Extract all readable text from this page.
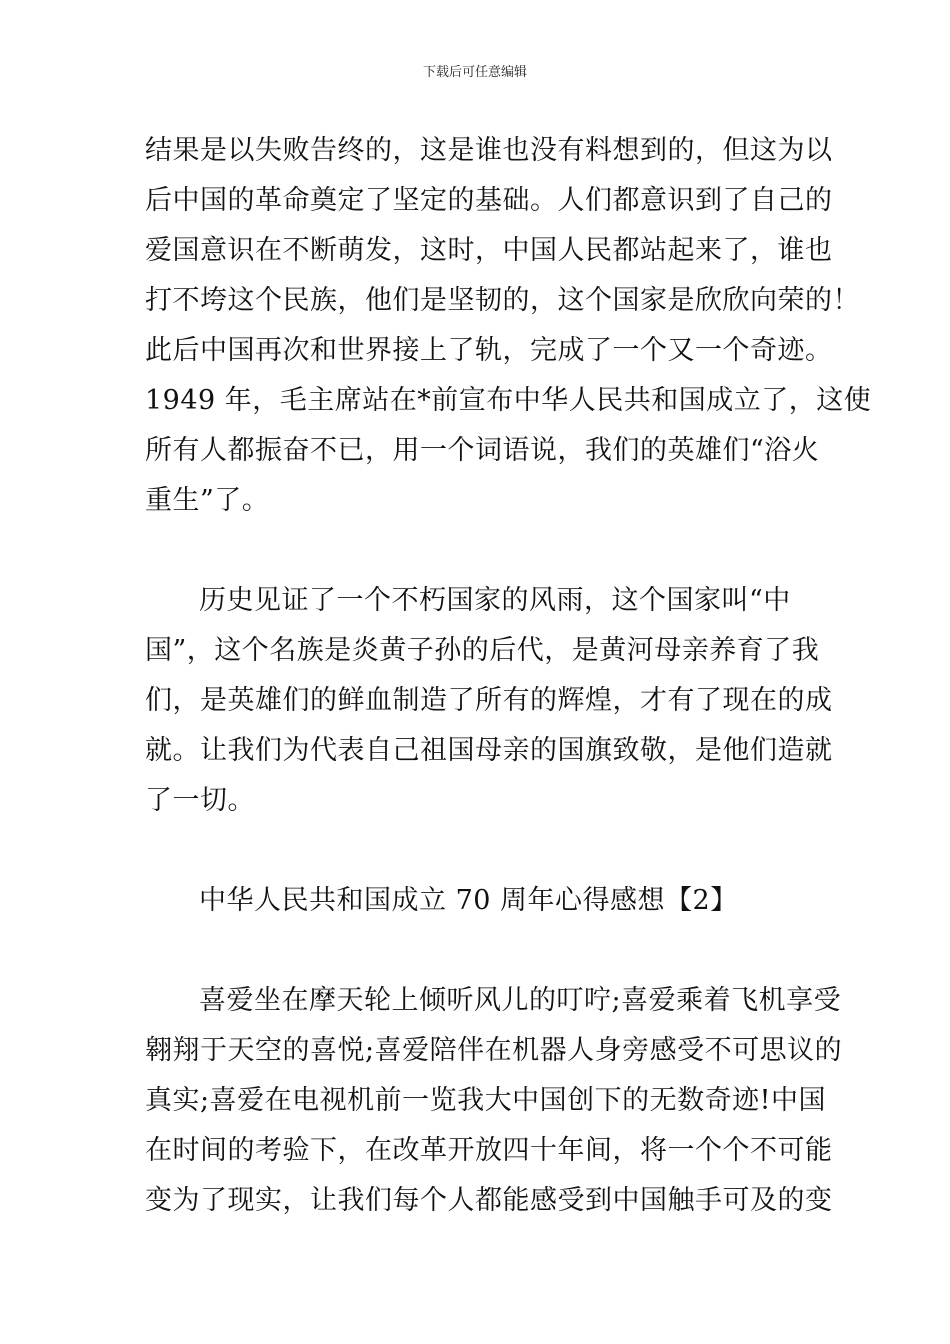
下载后可任意编辑
结果是以失败告终的，这是谁也没有料想到的，但这为以
后中国的革命奠定了坚定的基础。人们都意识到了自己的
爱国意识在不断萌发，这时，中国人民都站起来了，谁也
打不垮这个民族，他们是坚韧的，这个国家是欣欣向荣的！
此后中国再次和世界接上了轨，完成了一个又一个奇迹。
1949 年，毛主席站在*前宣布中华人民共和国成立了，这使
所有人都振奋不已，用一个词语说，我们的英雄们“浴火
重生”了。
历史见证了一个不朽国家的风雨，这个国家叫“中
国”，这个名族是炎黄子孙的后代，是黄河母亲养育了我
们，是英雄们的鲜血制造了所有的辉煌，才有了现在的成
就。让我们为代表自己祖国母亲的国旗致敬，是他们造就
了一切。
中华人民共和国成立 70 周年心得感想【2】
喜爱坐在摩天轮上倾听风儿的叮咛;喜爱乘着飞机享受
翱翔于天空的喜悦;喜爱陪伴在机器人身旁感受不可思议的
真实;喜爱在电视机前一览我大中国创下的无数奇迹!中国
在时间的考验下，在改革开放四十年间，将一个个不可能
变为了现实，让我们每个人都能感受到中国触手可及的变
